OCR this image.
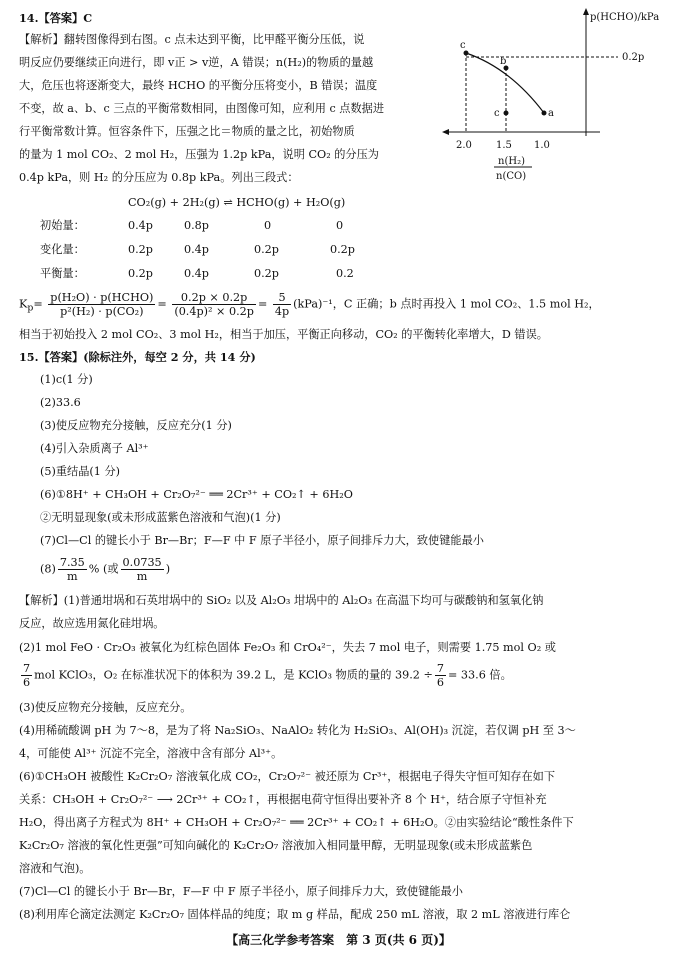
14.【答案】C
【解析】翻转图像得到右图。c 点未达到平衡，比甲醛平衡分压低，说
明反应仍要继续正向进行，即 v正 > v逆，A 错误；n(H₂)的物质的量越
大，危压也将逐渐变大，最终 HCHO 的平衡分压将变小，B 错误；温度
不变，故 a、b、c 三点的平衡常数相同，由图像可知，应利用 c 点数据进
行平衡常数计算。恒容条件下，压强之比＝物质的量之比，初始物质
的量为 1 mol CO₂、2 mol H₂，压强为 1.2p kPa，说明 CO₂ 的分压为
0.4p kPa，则 H₂ 的分压应为 0.8p kPa。列出三段式：
p(HCHO)/kPa
0.2p
c
b
c	a
2.0 1.5 1.0
n(H₂)
n(CO)
CO₂(g) + 2H₂(g) ⇌ HCHO(g) + H₂O(g)
初始量：	0.4p	0.8p	0	0
变化量：	0.2p	0.4p	0.2p	0.2p
平衡量：	0.2p	0.4p	0.2p	0.2
$K_p= p(H_2O)$ · p(HCHO)
p²(H₂) · p(CO₂)
= $\frac{0.2p \times 0.2p}{\text{(0.4p)² × 0.2p}} = \frac{5}{4p} (kPa)^{-1}$，C 正确；b 点时再投入 1 mol CO₂、1.5 mol H₂，
相当于初始投入 2 mol CO₂、3 mol H₂，相当于加压，平衡正向移动，CO₂ 的平衡转化率增大，D 错误。
15.【答案】(除标注外，每空 2 分，共 14 分)
(1)c(1 分)
(2)33.6
(3)使反应物充分接触，反应充分(1 分)
(4)引入杂质离子 Al³⁺
(5)重结晶(1 分)
(6)①8H⁺ + CH₃OH + Cr₂O₇²⁻ ══ 2Cr³⁺ + CO₂↑ + 6H₂O
②无明显现象(或未形成蓝紫色溶液和气泡)(1 分)
(7)Cl—Cl 的键长小于 Br—Br；F—F 中 F 原子半径小，原子间排斥力大，致使键能最小
$(8) \frac{7.35}{m}$ % (或 $\frac{0.0735}{m}$ )
【解析】(1)普通坩埚和石英坩埚中的 SiO₂ 以及 Al₂O₃ 坩埚中的 Al₂O₃ 在高温下均可与碳酸钠和氢氧化钠
反应，故应选用氮化硅坩埚。
(2)1 mol FeO · Cr₂O₃ 被氧化为红棕色固体 Fe₂O₃ 和 CrO₄²⁻，失去 7 mol 电子，则需要 1.75 mol O₂ 或
$\frac{7}{6}$ mol KClO₃，O₂ 在标准状况下的体积为 39.2 L，是 KClO₃ 物质的量的 $39.2 \div \frac{7}{6} = 33.6$ 倍。
(3)使反应物充分接触，反应充分。
(4)用稀硫酸调 pH 为 7～8，是为了将 Na₂SiO₃、NaAlO₂ 转化为 H₂SiO₃、Al(OH)₃ 沉淀，若仅调 pH 至 3～
4，可能使 Al³⁺ 沉淀不完全，溶液中含有部分 Al³⁺。
(6)①CH₃OH 被酸性 K₂Cr₂O₇ 溶液氧化成 CO₂，Cr₂O₇²⁻ 被还原为 Cr³⁺，根据电子得失守恒可知存在如下
关系：CH₃OH + Cr₂O₇²⁻ ⟶ 2Cr³⁺ + CO₂↑，再根据电荷守恒得出要补齐 8 个 H⁺，结合原子守恒补充
H₂O，得出离子方程式为 8H⁺ + CH₃OH + Cr₂O₇²⁻ ══ 2Cr³⁺ + CO₂↑ + 6H₂O。②由实验结论“酸性条件下
K₂Cr₂O₇ 溶液的氧化性更强”可知向碱化的 K₂Cr₂O₇ 溶液加入相同量甲醇，无明显现象(或未形成蓝紫色
溶液和气泡)。
(7)Cl—Cl 的键长小于 Br—Br，F—F 中 F 原子半径小，原子间排斥力大，致使键能最小
(8)利用库仑滴定法测定 K₂Cr₂O₇ 固体样品的纯度；取 m g 样品，配成 250 mL 溶液，取 2 mL 溶液进行库仑
【高三化学参考答案　第 3 页(共 6 页)】
